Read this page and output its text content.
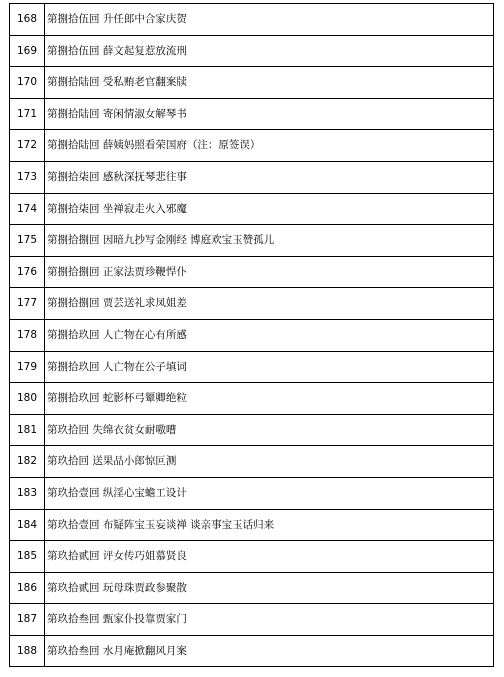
168	第捌拾伍回 升任郎中合家庆贺
169	第捌拾伍回 薛文起复惹放流刑
170	第捌拾陆回 受私贿老官翻案牍
171	第捌拾陆回 寄闲情淑女解琴书
172	第捌拾陆回 薛姨妈照看荣国府（注：原签误）
173	第捌拾柒回 感秋深抚琴悲往事
174	第捌拾柒回 坐禅寂走火入邪魔
175	第捌拾捌回 因暗九抄写金刚经 博庭欢宝玉赞孤儿
176	第捌拾捌回 正家法贾珍鞭悍仆
177	第捌拾捌回 贾芸送礼求凤姐差
178	第捌拾玖回 人亡物在心有所感
179	第捌拾玖回 人亡物在公子填词
180	第捌拾玖回 蛇影杯弓颦卿绝粒
181	第玖拾回 失绵衣贫女耐嗷嘈
182	第玖拾回 送果品小郎惊叵测
183	第玖拾壹回 纵淫心宝蟾工设计
184	第玖拾壹回 布疑阵宝玉妄谈禅 谈亲事宝玉话归来
185	第玖拾贰回 评女传巧姐慕贤良
186	第玖拾贰回 玩母珠贾政参聚散
187	第玖拾叁回 甄家仆投靠贾家门
188	第玖拾叁回 水月庵掀翻风月案
